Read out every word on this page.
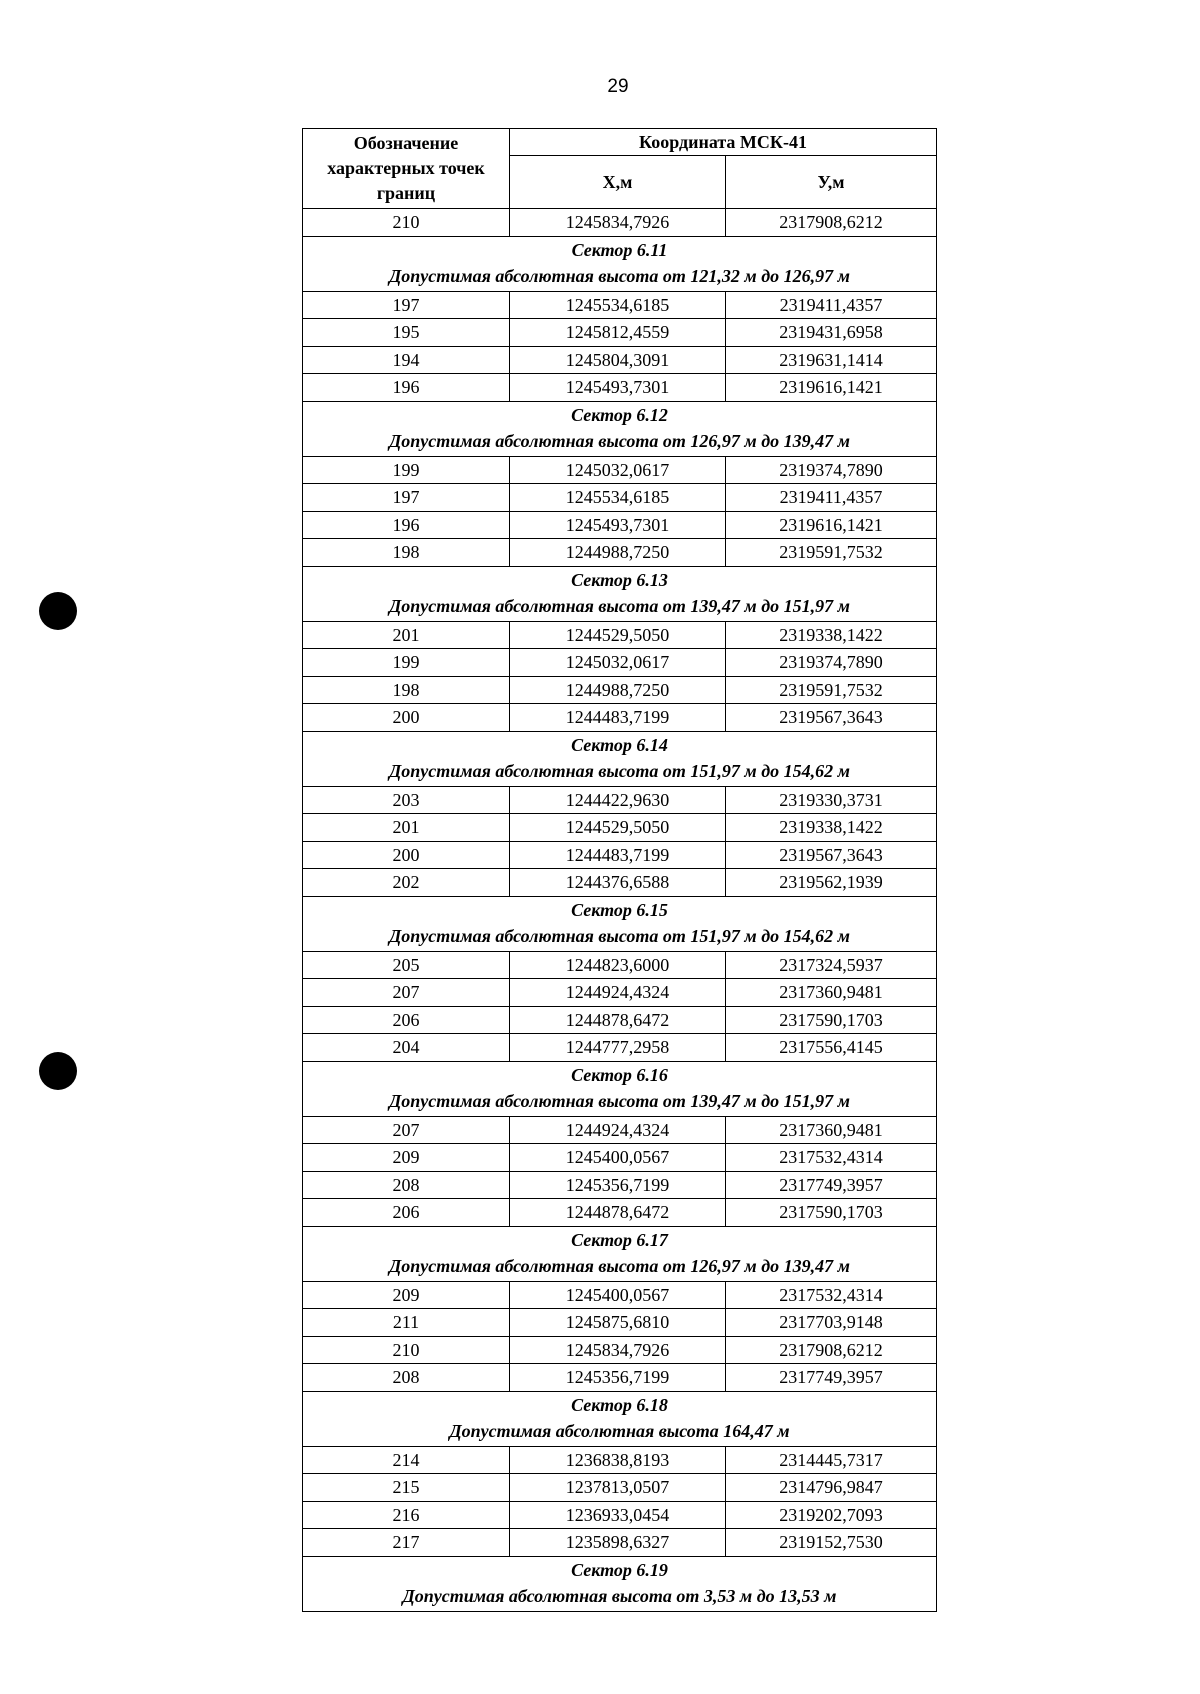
29
Обозначение характерных точек границ	Координата МСК-41	
	X,м	У,м
210	1245834,7926	2317908,6212

Сектор 6.11
Допустимая абсолютная высота от 121,32 м до 126,97 м		

197	1245534,6185	2319411,4357
195	1245812,4559	2319431,6958
194	1245804,3091	2319631,1414
196	1245493,7301	2319616,1421

Сектор 6.12
Допустимая абсолютная высота от 126,97 м до 139,47 м		

199	1245032,0617	2319374,7890
197	1245534,6185	2319411,4357
196	1245493,7301	2319616,1421
198	1244988,7250	2319591,7532

Сектор 6.13
Допустимая абсолютная высота от 139,47 м до 151,97 м		

201	1244529,5050	2319338,1422
199	1245032,0617	2319374,7890
198	1244988,7250	2319591,7532
200	1244483,7199	2319567,3643

Сектор 6.14
Допустимая абсолютная высота от 151,97 м до 154,62 м		

203	1244422,9630	2319330,3731
201	1244529,5050	2319338,1422
200	1244483,7199	2319567,3643
202	1244376,6588	2319562,1939

Сектор 6.15
Допустимая абсолютная высота от 151,97 м до 154,62 м		

205	1244823,6000	2317324,5937
207	1244924,4324	2317360,9481
206	1244878,6472	2317590,1703
204	1244777,2958	2317556,4145

Сектор 6.16
Допустимая абсолютная высота от 139,47 м до 151,97 м		

207	1244924,4324	2317360,9481
209	1245400,0567	2317532,4314
208	1245356,7199	2317749,3957
206	1244878,6472	2317590,1703

Сектор 6.17
Допустимая абсолютная высота от 126,97 м до 139,47 м		

209	1245400,0567	2317532,4314
211	1245875,6810	2317703,9148
210	1245834,7926	2317908,6212
208	1245356,7199	2317749,3957

Сектор 6.18
Допустимая абсолютная высота 164,47 м		

214	1236838,8193	2314445,7317
215	1237813,0507	2314796,9847
216	1236933,0454	2319202,7093
217	1235898,6327	2319152,7530

Сектор 6.19
Допустимая абсолютная высота от 3,53 м до 13,53 м		
